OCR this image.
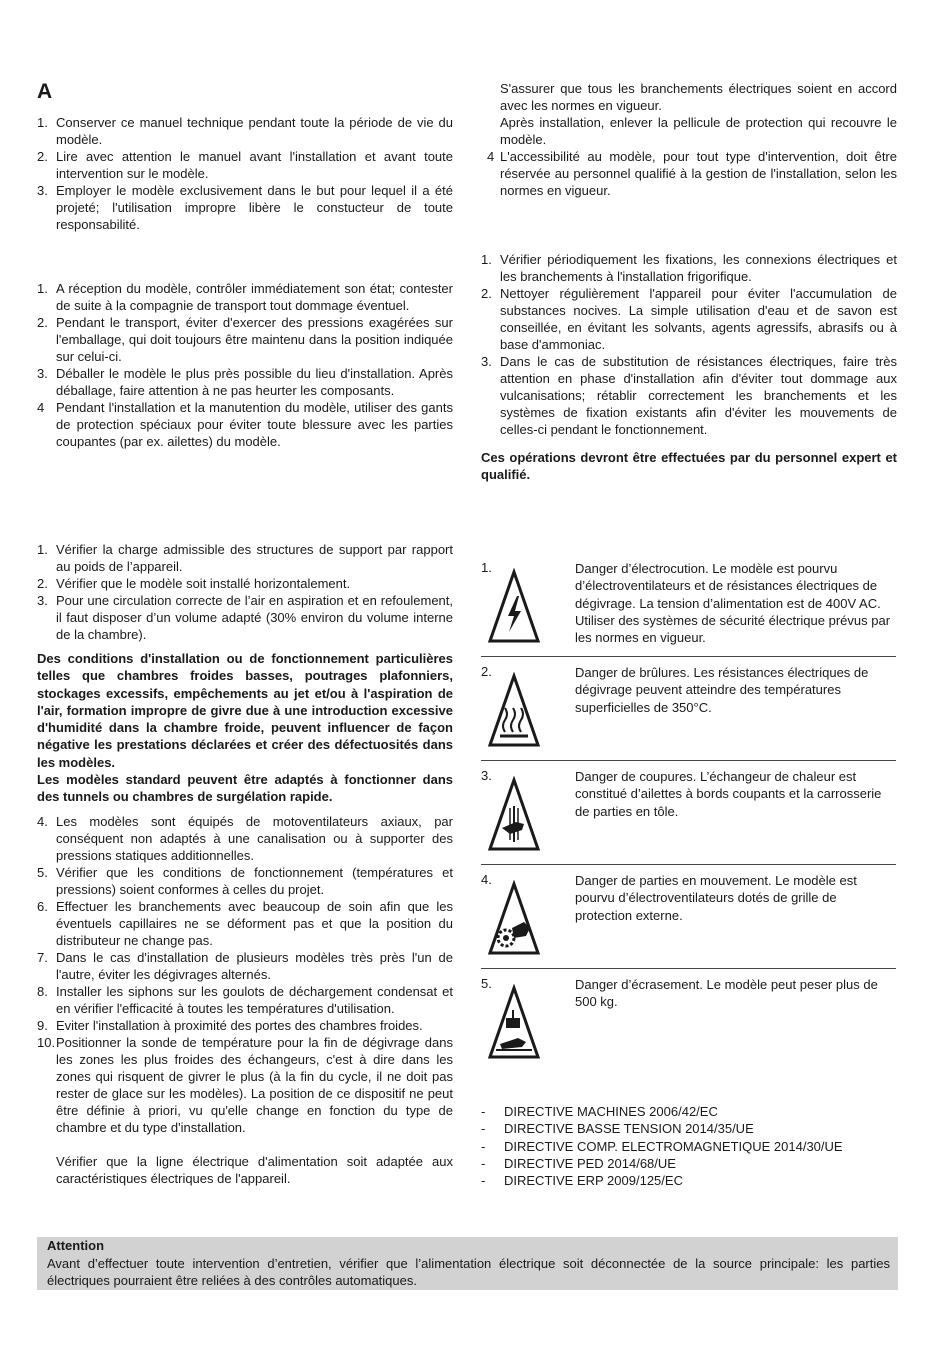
A
1. Conserver ce manuel technique pendant toute la période de vie du modèle.
2. Lire avec attention le manuel avant l'installation et avant toute intervention sur le modèle.
3. Employer le modèle exclusivement dans le but pour lequel il a été projeté; l'utilisation impropre libère le constucteur de toute responsabilité.
1. A réception du modèle, contrôler immédiatement son état; contester de suite à la compagnie de transport tout dommage éventuel.
2. Pendant le transport, éviter d'exercer des pressions exagérées sur l'emballage, qui doit toujours être maintenu dans la position indiquée sur celui-ci.
3. Déballer le modèle le plus près possible du lieu d'installation. Après déballage, faire attention à ne pas heurter les composants.
4 Pendant l'installation et la manutention du modèle, utiliser des gants de protection spéciaux pour éviter toute blessure avec les parties coupantes (par ex. ailettes) du modèle.
1. Vérifier la charge admissible des structures de support par rapport au poids de l’appareil.
2. Vérifier que le modèle soit installé horizontalement.
3. Pour une circulation correcte de l’air en aspiration et en refoulement, il faut disposer d’un volume adapté (30% environ du volume interne de la chambre).

Des conditions d'installation ou de fonctionnement particulières telles que chambres froides basses, poutrages plafonniers, stockages excessifs, empêchements au jet et/ou à l'aspiration de l'air, formation impropre de givre due à une introduction excessive d'humidité dans la chambre froide, peuvent influencer de façon négative les prestations déclarées et créer des défectuosités dans les modèles.

Les modèles standard peuvent être adaptés à fonctionner dans des tunnels ou chambres de surgélation rapide.

4. Les modèles sont équipés de motoventilateurs axiaux, par conséquent non adaptés à une canalisation ou à supporter des pressions statiques additionnelles.
5. Vérifier que les conditions de fonctionnement (températures et pressions) soient conformes à celles du projet.
6. Effectuer les branchements avec beaucoup de soin afin que les éventuels capillaires ne se déforment pas et que la position du distributeur ne change pas.
7. Dans le cas d'installation de plusieurs modèles très près l'un de l'autre, éviter les dégivrages alternés.
8. Installer les siphons sur les goulots de déchargement condensat et en vérifier l'efficacité à toutes les températures d'utilisation.
9. Eviter l'installation à proximité des portes des chambres froides.
10. Positionner la sonde de température pour la fin de dégivrage dans les zones les plus froides des échangeurs, c'est à dire dans les zones qui risquent de givrer le plus (à la fin du cycle, il ne doit pas rester de glace sur les modèles). La position de ce dispositif ne peut être définie à priori, vu qu'elle change en fonction du type de chambre et du type d'installation.

Vérifier que la ligne électrique d'alimentation soit adaptée aux caractéristiques électriques de l'appareil.

S'assurer que tous les branchements électriques soient en accord avec les normes en vigueur.

Après installation, enlever la pellicule de protection qui recouvre le modèle.

4 L'accessibilité au modèle, pour tout type d'intervention, doit être réservée au personnel qualifié à la gestion de l'installation, selon les normes en vigueur.
1. Vérifier périodiquement les fixations, les connexions électriques et les branchements à l'installation frigorifique.
2. Nettoyer régulièrement l'appareil pour éviter l'accumulation de substances nocives. La simple utilisation d'eau et de savon est conseillée, en évitant les solvants, agents agressifs, abrasifs ou à base d'ammoniac.
3. Dans le cas de substitution de résistances électriques, faire très attention en phase d'installation afin d'éviter tout dommage aux vulcanisations; rétablir correctement les branchements et les systèmes de fixation existants afin d'éviter les mouvements de celles-ci pendant le fonctionnement.

Ces opérations devront être effectuées par du personnel expert et qualifié.

1.	Danger d’électrocution. Le modèle est pourvu d’électroventilateurs et de résistances électriques de dégivrage. La tension d’alimentation est de 400V AC. Utiliser des systèmes de sécurité électrique prévus par les normes en vigueur.
2.	Danger de brûlures. Les résistances électriques de dégivrage peuvent atteindre des températures superficielles de 350°C.
3.	Danger de coupures. L’échangeur de chaleur est constitué d’ailettes à bords coupants et la carrosserie de parties en tôle.
4.	Danger de parties en mouvement. Le modèle est pourvu d’électroventilateurs dotés de grille de protection externe.
5.	Danger d’écrasement. Le modèle peut peser plus de 500 kg.
- DIRECTIVE MACHINES 2006/42/EC
- DIRECTIVE BASSE TENSION 2014/35/UE
- DIRECTIVE COMP. ELECTROMAGNETIQUE 2014/30/UE
- DIRECTIVE PED 2014/68/UE
- DIRECTIVE ERP 2009/125/EC
Attention
Avant d’effectuer toute intervention d’entretien, vérifier que l’alimentation électrique soit déconnectée de la source principale: les parties électriques pourraient être reliées à des contrôles automatiques.
